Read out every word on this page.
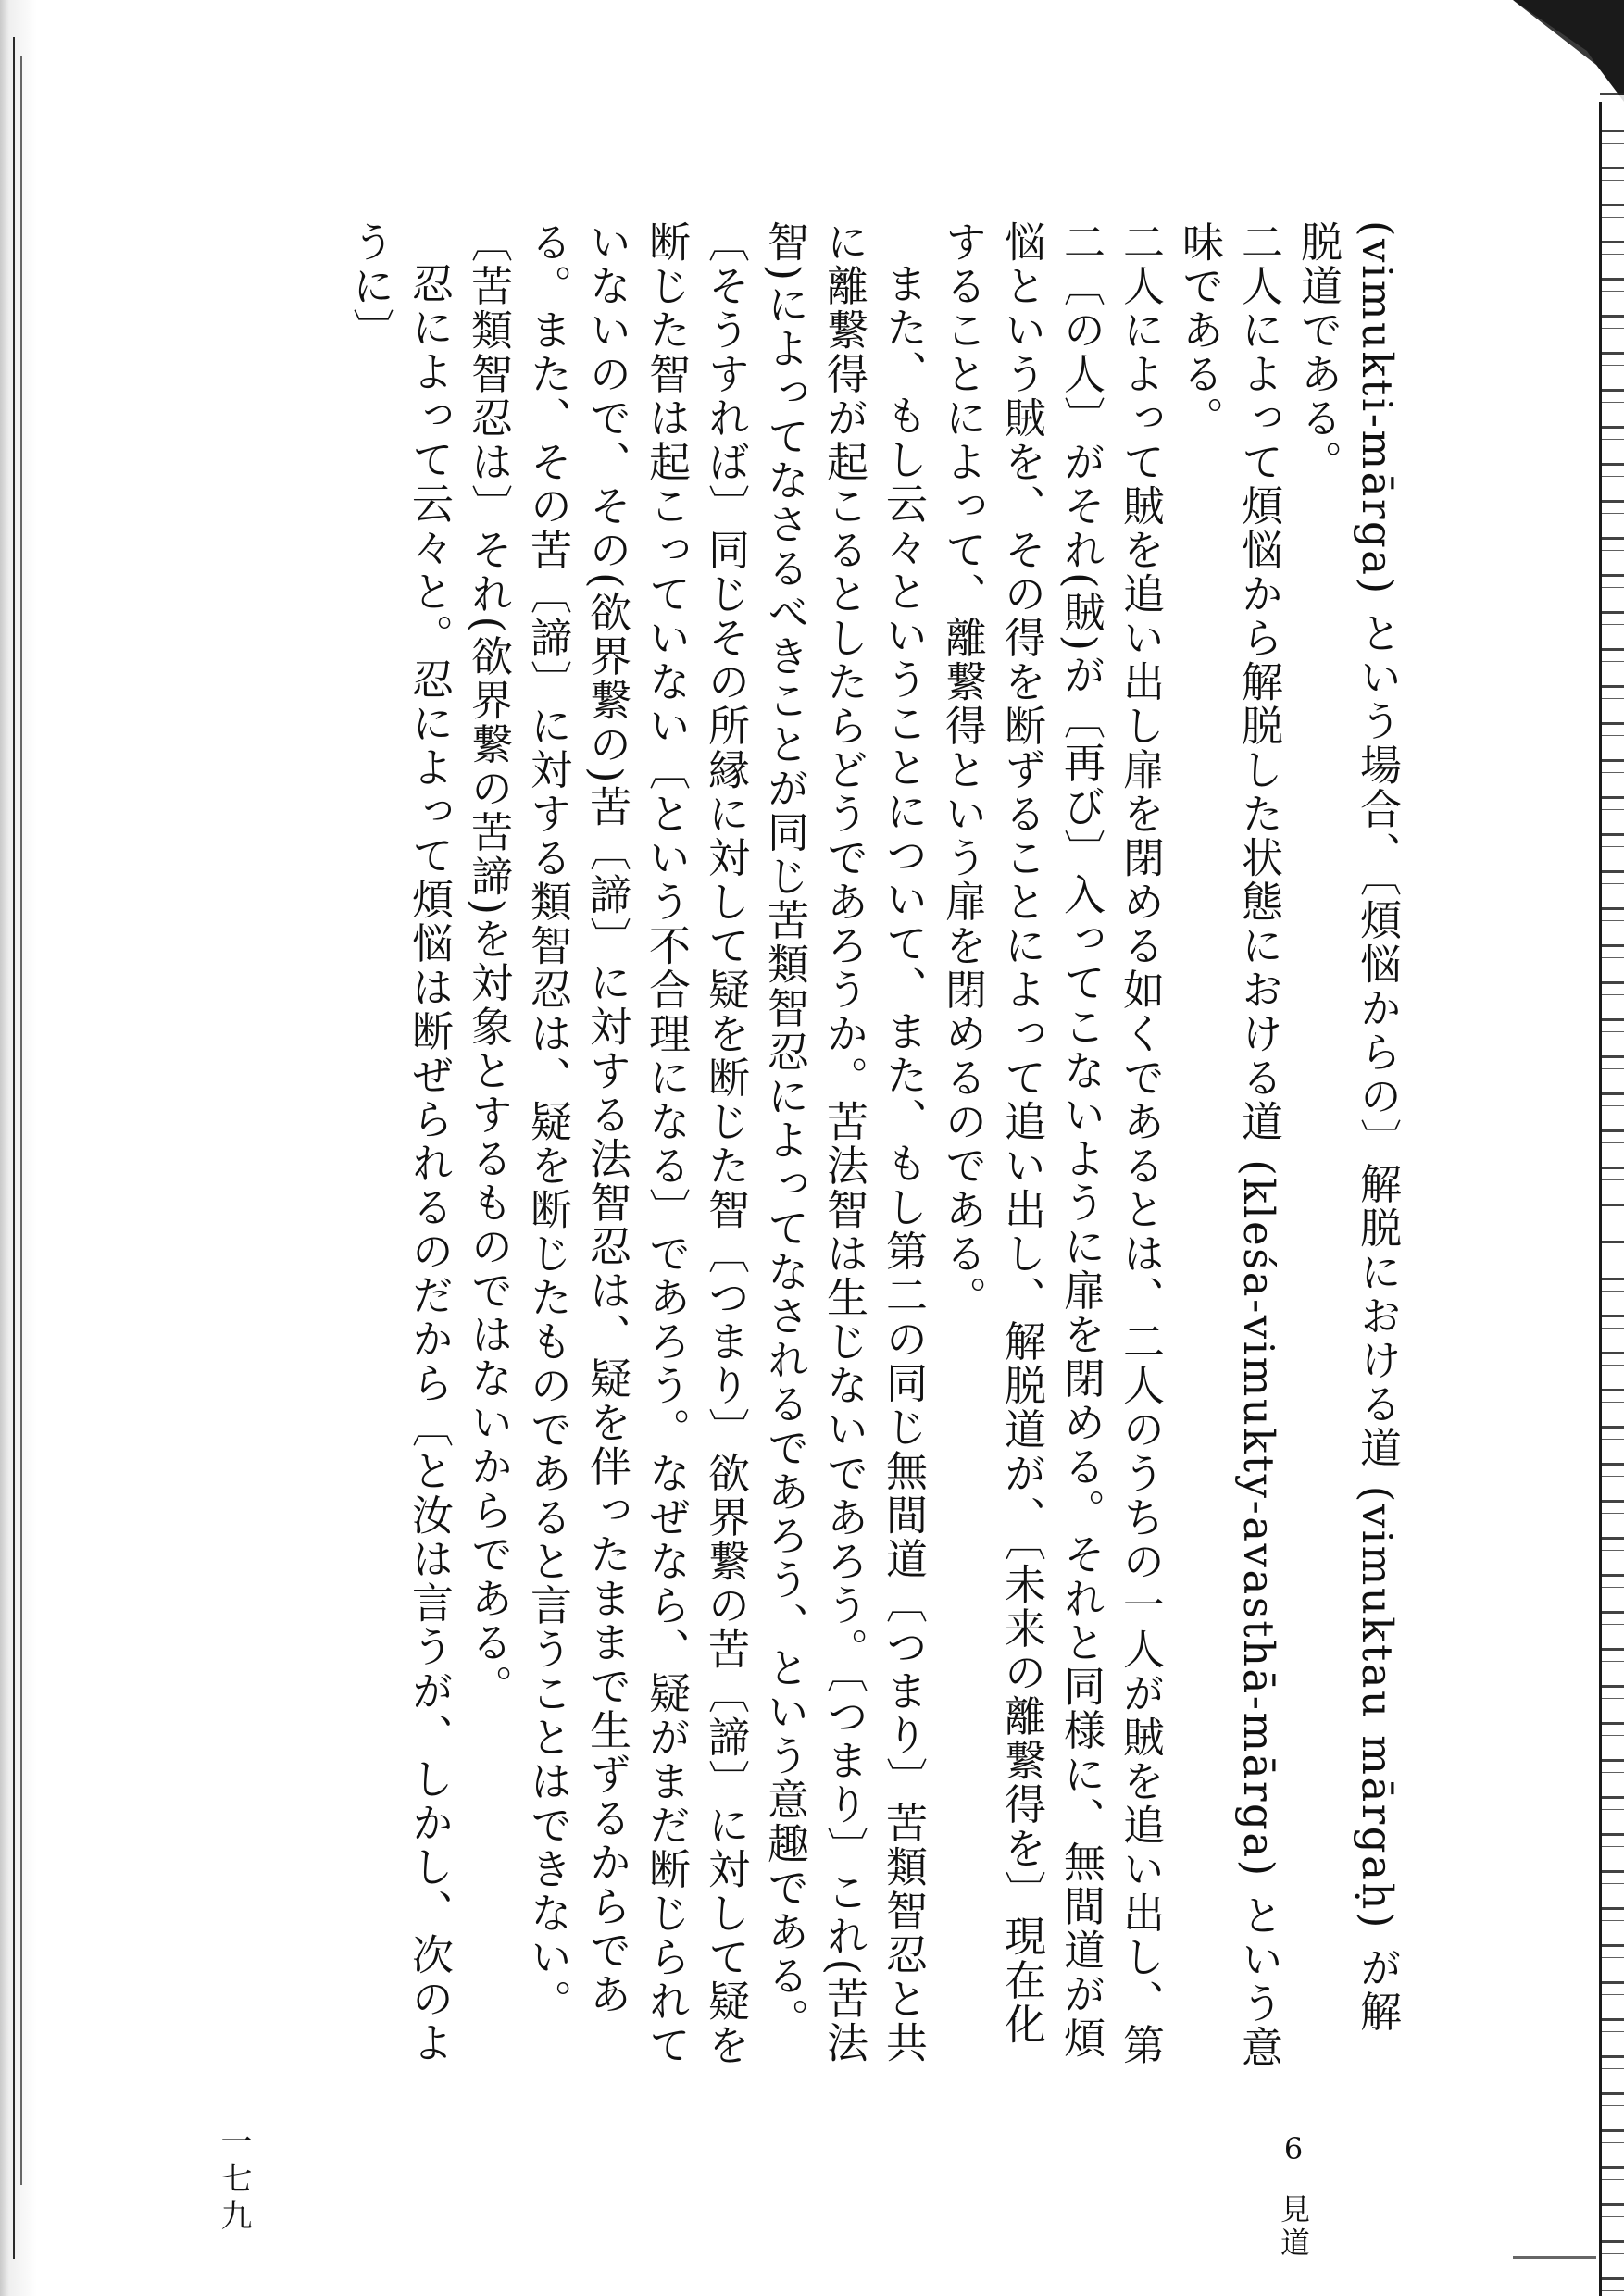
(vimukti-mārga) という場合、〔煩悩からの〕解脱における道 (vimuktau mārgaḥ) が解脱道である。

二人によって煩悩から解脱した状態における道 (kleśa-vimukty-avasthā-mārga) という意味である。

二人によって賊を追い出し扉を閉める如くであるとは、二人のうちの一人が賊を追い出し、第二〔の人〕がそれ(賊)が〔再び〕入ってこないように扉を閉める。それと同様に、無間道が煩悩という賊を、その得を断ずることによって追い出し、解脱道が、〔未来の離繋得を〕現在化することによって、離繋得という扉を閉めるのである。

また、もし云々ということについて、また、もし第二の同じ無間道〔つまり〕苦類智忍と共に離繋得が起こるとしたらどうであろうか。苦法智は生じないであろう。〔つまり〕これ(苦法智)によってなさるべきことが同じ苦類智忍によってなされるであろう、という意趣である。〔そうすれば〕同じその所縁に対して疑を断じた智〔つまり〕欲界繋の苦〔諦〕に対して疑を断じた智は起こっていない〔という不合理になる〕であろう。なぜなら、疑がまだ断じられていないので、その(欲界繋の)苦〔諦〕に対する法智忍は、疑を伴ったままで生ずるからである。また、その苦〔諦〕に対する類智忍は、疑を断じたものであると言うことはできない。〔苦類智忍は〕それ(欲界繋の苦諦)を対象とするものではないからである。

忍によって云々と。忍によって煩悩は断ぜられるのだから〔と汝は言うが、しかし、次のように〕

一七九	6 見道
